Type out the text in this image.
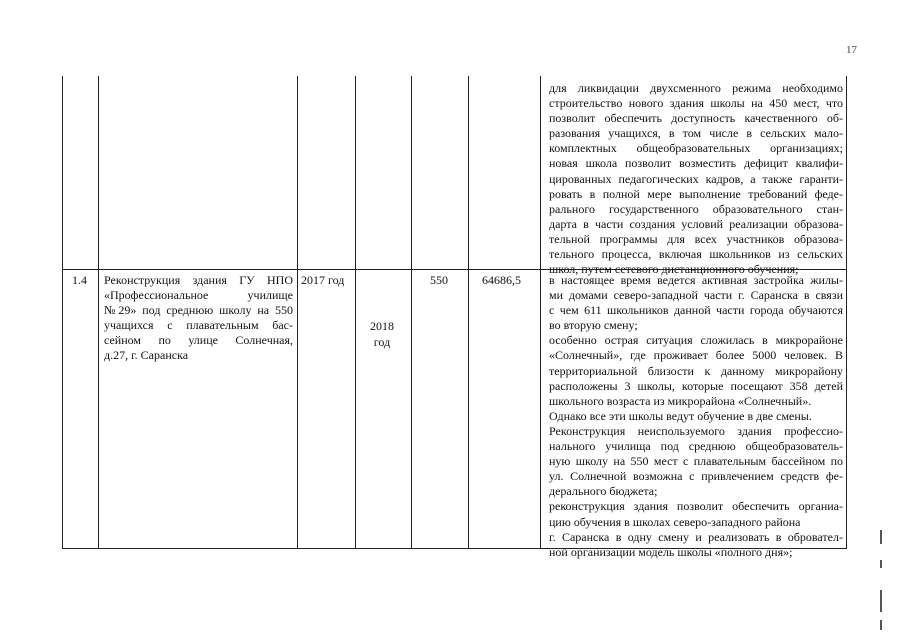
17
для ликвидации двухсменного режима необходимо
строительство нового здания школы на 450 мест, что
позволит обеспечить доступность качественного об-
разования учащихся, в том числе в сельских мало-
комплектных общеобразовательных организациях;
новая школа позволит возместить дефицит квалифи-
цированных педагогических кадров, а также гаранти-
ровать в полной мере выполнение требований феде-
рального государственного образовательного стан-
дарта в части создания условий реализации образова-
тельной программы для всех участников образова-
тельного процесса, включая школьников из сельских
школ, путем сетевого дистанционного обучения;
1.4 Реконструкция здания ГУ НПО
«Профессиональное училище
№29» под среднюю школу на 550
учащихся с плавательным бас-
сейном по улице Солнечная,
д.27, г. Саранска
2017 год
2018
год
550	64686,5 в настоящее время ведется активная застройка жилы-
ми домами северо-западной части г. Саранска в связи
с чем 611 школьников данной части города обучаются
во вторую смену;
особенно острая ситуация сложилась в микрорайоне
«Солнечный», где проживает более 5000 человек. В
территориальной близости к данному микрорайону
расположены 3 школы, которые посещают 358 детей
школьного возраста из микрорайона «Солнечный».
Однако все эти школы ведут обучение в две смены.
Реконструкция неиспользуемого здания профессио-
нального училища под среднюю общеобразователь-
ную школу на 550 мест с плавательным бассейном по
ул. Солнечной возможна с привлечением средств фе-
дерального бюджета;
реконструкция здания позволит обеспечить органиа-
цию обучения в школах северо-западного района
г. Саранска в одну смену и реализовать в обровател-
ной организации модель школы «полного дня»;
